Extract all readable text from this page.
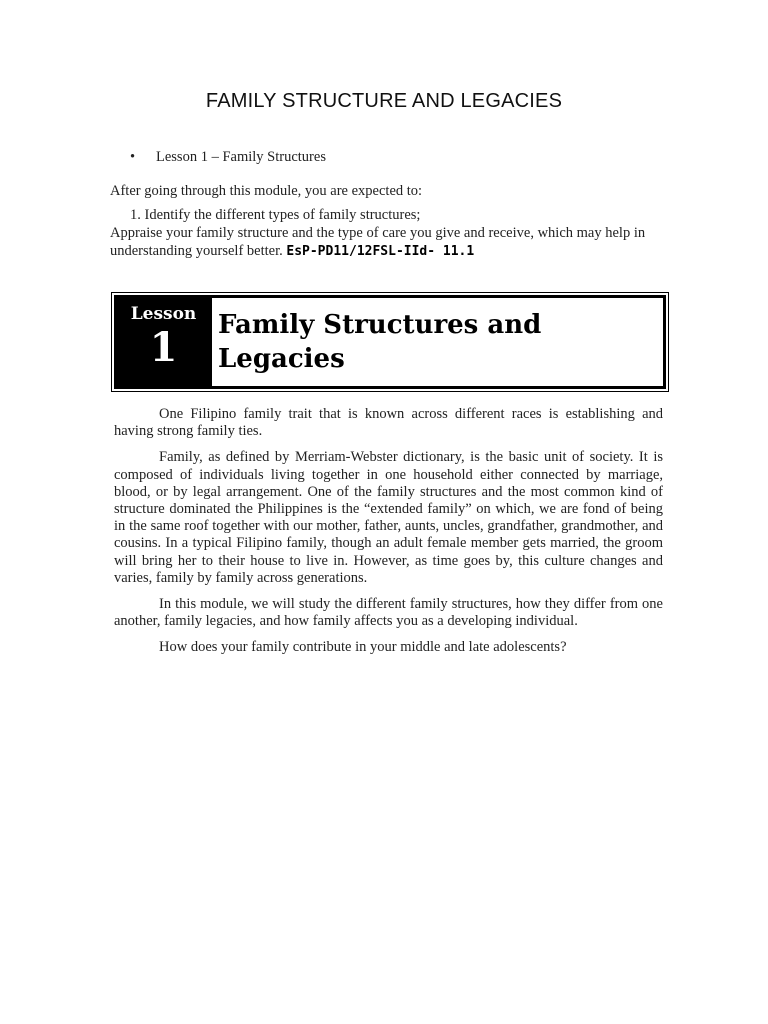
FAMILY STRUCTURE AND LEGACIES
• Lesson 1 – Family Structures
After going through this module, you are expected to:
1. Identify the different types of family structures;
Appraise your family structure and the type of care you give and receive, which may help in understanding yourself better. EsP-PD11/12FSL-IId- 11.1
Lesson
1 Family Structures and
Legacies

One Filipino family trait that is known across different races is establishing and having strong family ties.

Family, as defined by Merriam-Webster dictionary, is the basic unit of society. It is composed of individuals living together in one household either connected by marriage, blood, or by legal arrangement. One of the family structures and the most common kind of structure dominated the Philippines is the “extended family” on which, we are fond of being in the same roof together with our mother, father, aunts, uncles, grandfather, grandmother, and cousins. In a typical Filipino family, though an adult female member gets married, the groom will bring her to their house to live in. However, as time goes by, this culture changes and varies, family by family across generations.

In this module, we will study the different family structures, how they differ from one another, family legacies, and how family affects you as a developing individual.

How does your family contribute in your middle and late adolescents?
